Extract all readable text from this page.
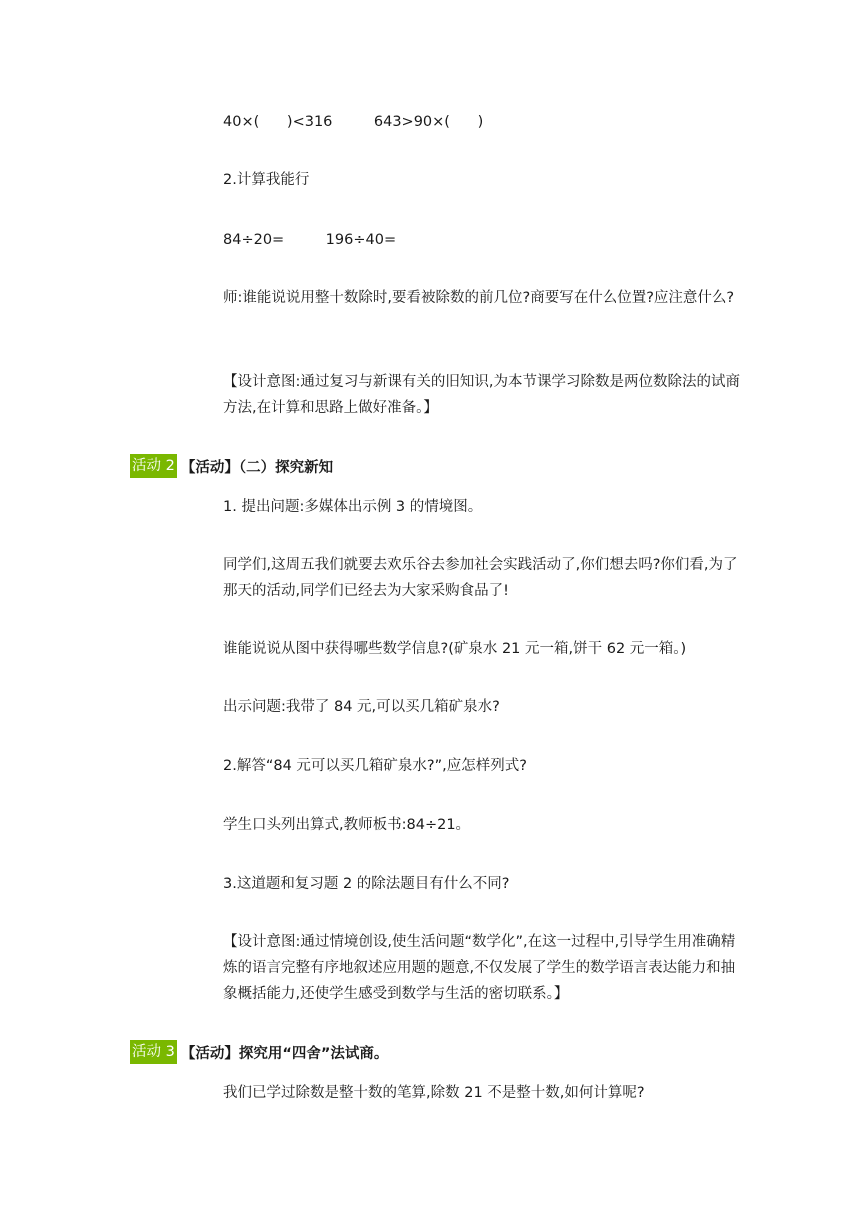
40×(      )<316         643>90×(      )
2.计算我能行
84÷20=         196÷40=
师:谁能说说用整十数除时,要看被除数的前几位?商要写在什么位置?应注意什么?
【设计意图:通过复习与新课有关的旧知识,为本节课学习除数是两位数除法的试商方法,在计算和思路上做好准备。】
活动 2 【活动】（二）探究新知
1. 提出问题:多媒体出示例 3 的情境图。
同学们,这周五我们就要去欢乐谷去参加社会实践活动了,你们想去吗?你们看,为了那天的活动,同学们已经去为大家采购食品了!
谁能说说从图中获得哪些数学信息?(矿泉水 21 元一箱,饼干 62 元一箱。)
出示问题:我带了 84 元,可以买几箱矿泉水?
2.解答“84 元可以买几箱矿泉水?”,应怎样列式?
学生口头列出算式,教师板书:84÷21。
3.这道题和复习题 2 的除法题目有什么不同?
【设计意图:通过情境创设,使生活问题“数学化”,在这一过程中,引导学生用准确精炼的语言完整有序地叙述应用题的题意,不仅发展了学生的数学语言表达能力和抽象概括能力,还使学生感受到数学与生活的密切联系。】
活动 3 【活动】探究用“四舍”法试商。
我们已学过除数是整十数的笔算,除数 21 不是整十数,如何计算呢?
